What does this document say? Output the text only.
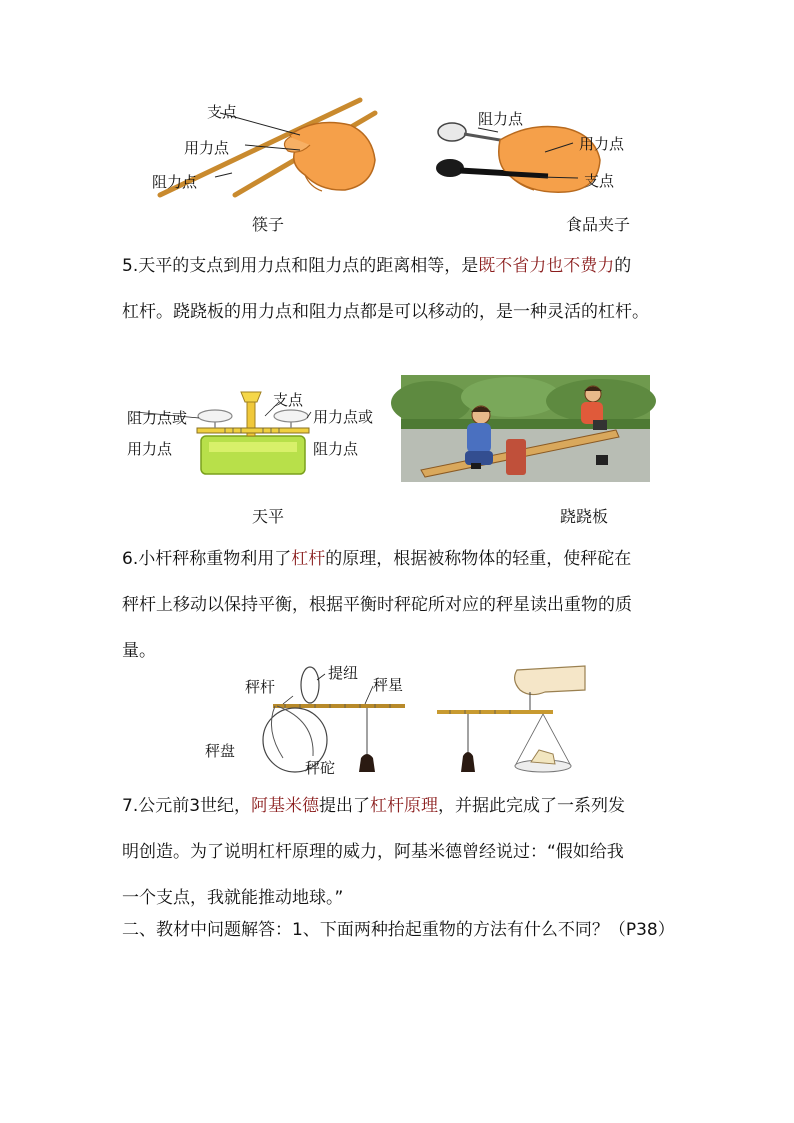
支点
用力点
阻力点
筷子
阻力点
用力点
支点
食品夹子
5.天平的支点到用力点和阻力点的距离相等，是既不省力也不费力的
杠杆。跷跷板的用力点和阻力点都是可以移动的，是一种灵活的杠杆。
支点
阻力点或
用力点
用力点或
阻力点
天平	跷跷板
6.小杆秤称重物利用了杠杆的原理，根据被称物体的轻重，使秤砣在
秤杆上移动以保持平衡，根据平衡时秤砣所对应的秤星读出重物的质
量。
秤杆
提纽
秤星
秤盘
秤砣
7.公元前3世纪，阿基米德提出了杠杆原理，并据此完成了一系列发
明创造。为了说明杠杆原理的威力，阿基米德曾经说过：“假如给我
一个支点，我就能推动地球。”
二、教材中问题解答：1、下面两种抬起重物的方法有什么不同？（P38）
